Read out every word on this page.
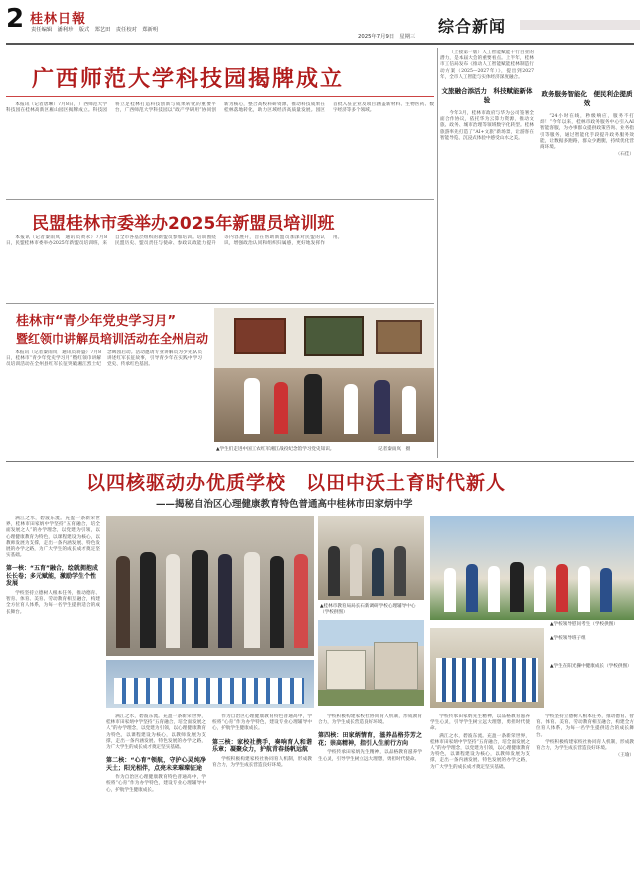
2 桂林日報
责任编辑　潘利珍　版式　郑艺田　责任校对　郑新明
2025年7月9日　星期三
综合新闻
广西师范大学科技园揭牌成立

本报讯（记者唐琳）7月8日，广西师范大学科技园在桂林高新区雁山园区揭牌成立。科技园将立足桂林打造科技创新与成果转化的重要平台，广西师范大学科技园以“政产学研用”协同创新为核心，整合高校科研资源，推动科技成果在桂林落地转化，助力区域经济高质量发展。园区首批入驻企业及项目涵盖新材料、生物医药、数字经济等多个领域。

民盟桂林市委举办2025年新盟员培训班

本报讯（记者秦雨岚　通讯员黄永）7月8日，民盟桂林市委举办2025年新盟员培训班，来自全市各基层组织的新盟员参加培训。培训围绕民盟历史、盟员责任与使命、参政议政能力提升等内容展开，旨在帮助新盟员加深对民盟的认识，增强政治认同和组织归属感，更好地发挥作用。

桂林市“青少年党史学习月”
暨红领巾讲解员培训活动在全州启动

本报讯（记者秦雨岚　通讯员蒋盛）7月8日，桂林市“青少年党史学习月”暨红领巾讲解员培训活动在全州县红军长征突破湘江烈士纪念碑园启动。活动邀请专业讲解员为少先队员讲述红军长征故事，引导青少年在实践中学习党史、传承红色基因。

▲学生们走进中国工农红军湘江战役纪念馆学习党史知识。	记者秦雨岚　摄

（上接第一版）人工智能赋能千行百业的潜力，是本届大会的重要看点。上半年，桂林市工信局发布《推动人工智能赋能桂林制造行动方案（2025—2027年）》，提出到2027年，全市人工智能与实体经济深度融合。

文旅融合添活力　科技赋能新体验

今年3月，桂林市政府与华为公司签署全面合作协议，依托华为云算力资源，推动文旅、政务、城市治理等领域数字化转型。桂林旅游率先打造了“AI+文旅”新场景，让游客在智能导览、沉浸式体验中感受山水之美。

政务服务智能化　便民利企提质效

“24小时在线，秒级响应，服务不打烊！”今年以来，桂林市政务服务中心引入AI智能客服，为办事群众提供政策咨询、业务指引等服务，通过智能化手段提升政务服务效能，让数据多跑路，群众少跑腿，持续优化营商环境。

（石佳）
以四核驱动办优质学校　以田中沃土育时代新人
——揭秘自治区心理健康教育特色普通高中桂林市田家炳中学

满江之水，碧波东流。充盈一条新荣世界，桂林市田家炳中学坚持“五育融合，培全面发展之人”的办学理念，以党建为引领，以心理健康教育为特色，以课程建设为核心，以教师发展为支撑，走出一条内涵发展、特色发展的办学之路，为广大学生的成长成才奠定坚实基础。

第一核：“五育”融合，绘就拥抱成长长卷；多元赋能，激励学生个性发展

学校坚持立德树人根本任务，推动德育、智育、体育、美育、劳动教育相互融合，构建全方位育人体系，为每一名学生提供适合的成长舞台。

▲桂林市教育局局长石新调研学校心理辅导中心（学校供图）
▲学校领导慰问考生（学校供图）
▲学校领导班子组
▲学生在阳光操中健康成长（学校供图）

满江之水，碧波东流。充盈一条新荣世界，桂林市田家炳中学坚持“五育融合，培全面发展之人”的办学理念，以党建为引领，以心理健康教育为特色，以课程建设为核心，以教师发展为支撑，走出一条内涵发展、特色发展的办学之路，为广大学生的成长成才奠定坚实基础。

第二核：“心育”领航，守护心灵纯净天土；阳光相伴，点亮未来璀璨征途

作为自治区心理健康教育特色普通高中，学校将“心育”作为办学特色，建设专业心理辅导中心，护航学生健康成长。

作为自治区心理健康教育特色普通高中，学校将“心育”作为办学特色，建设专业心理辅导中心，护航学生健康成长。

第三核：家校社携手，奏响育人和谐乐章；凝聚众力，护航青春扬帆远航

学校积极构建家校社协同育人机制，形成教育合力，为学生成长营造良好环境。

学校积极构建家校社协同育人机制，形成教育合力，为学生成长营造良好环境。

第四核：田家炳情育，滋养品格芬芳之花；崇高精神，指引人生前行方向

学校传承田家炳先生精神，以品格教育滋养学生心灵，引导学生树立远大理想，勇担时代使命。

学校传承田家炳先生精神，以品格教育滋养学生心灵，引导学生树立远大理想，勇担时代使命。

满江之水，碧波东流。充盈一条新荣世界，桂林市田家炳中学坚持“五育融合，培全面发展之人”的办学理念，以党建为引领，以心理健康教育为特色，以课程建设为核心，以教师发展为支撑，走出一条内涵发展、特色发展的办学之路，为广大学生的成长成才奠定坚实基础。

学校坚持立德树人根本任务，推动德育、智育、体育、美育、劳动教育相互融合，构建全方位育人体系，为每一名学生提供适合的成长舞台。

学校积极构建家校社协同育人机制，形成教育合力，为学生成长营造良好环境。

（王瑜）
